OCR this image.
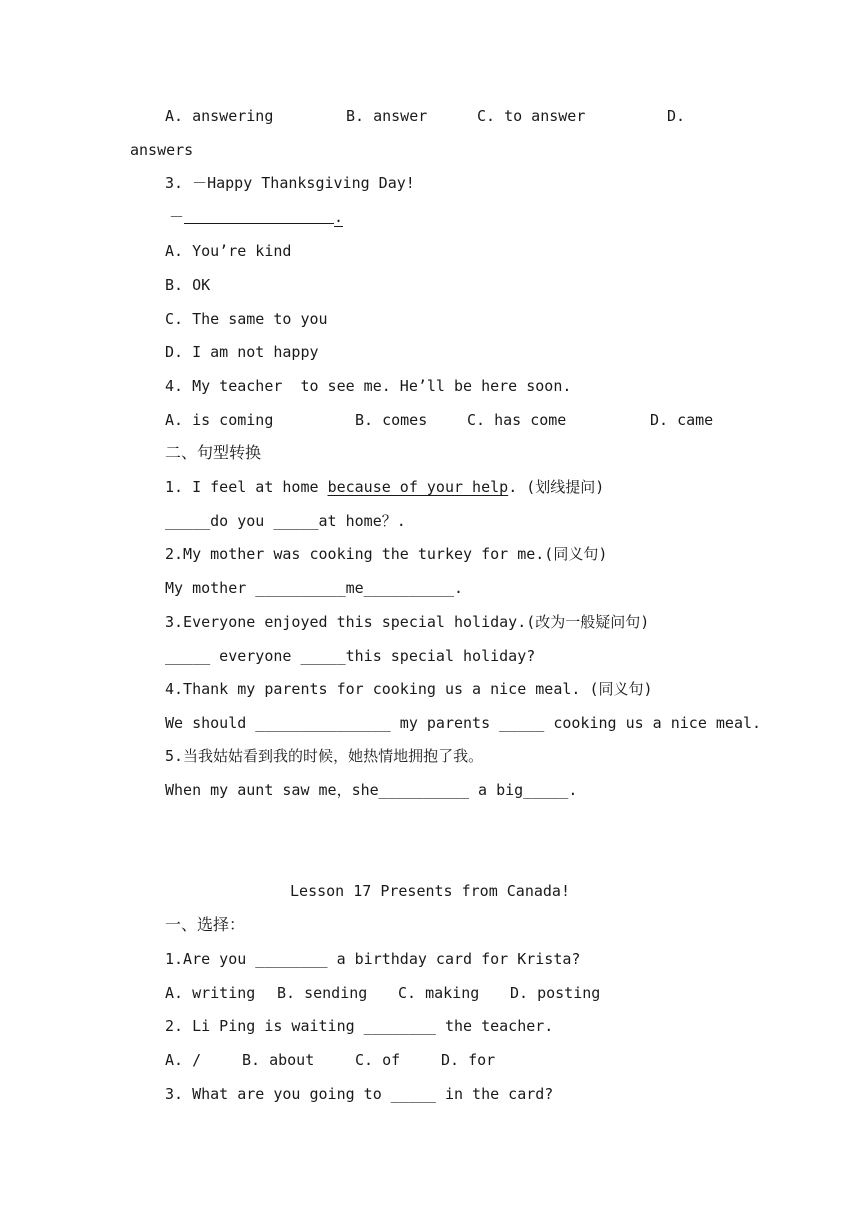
A. answering	B. answer	C. to answer	D.
answers
3. －Happy Thanksgiving Day!
－	.
A. You’re kind
B. OK
C. The same to you
D. I am not happy
4. My teacher  to see me. He’ll be here soon.
A. is coming	B. comes	C. has come	D. came
二、句型转换
1. I feel at home because of your help. (划线提问)
_____do you _____at home？.
2.My mother was cooking the turkey for me.(同义句)
My mother __________me__________.
3.Everyone enjoyed this special holiday.(改为一般疑问句)
_____ everyone _____this special holiday?
4.Thank my parents for cooking us a nice meal. (同义句)
We should _______________ my parents _____ cooking us a nice meal.
5.当我姑姑看到我的时候，她热情地拥抱了我。
When my aunt saw me，she__________ a big_____.
Lesson 17 Presents from Canada!
一、选择：
1.Are you ________ a birthday card for Krista?
A. writing B. sending C. making D. posting
2. Li Ping is waiting ________ the teacher.
A. /	B. about	C. of	D. for
3. What are you going to _____ in the card?
